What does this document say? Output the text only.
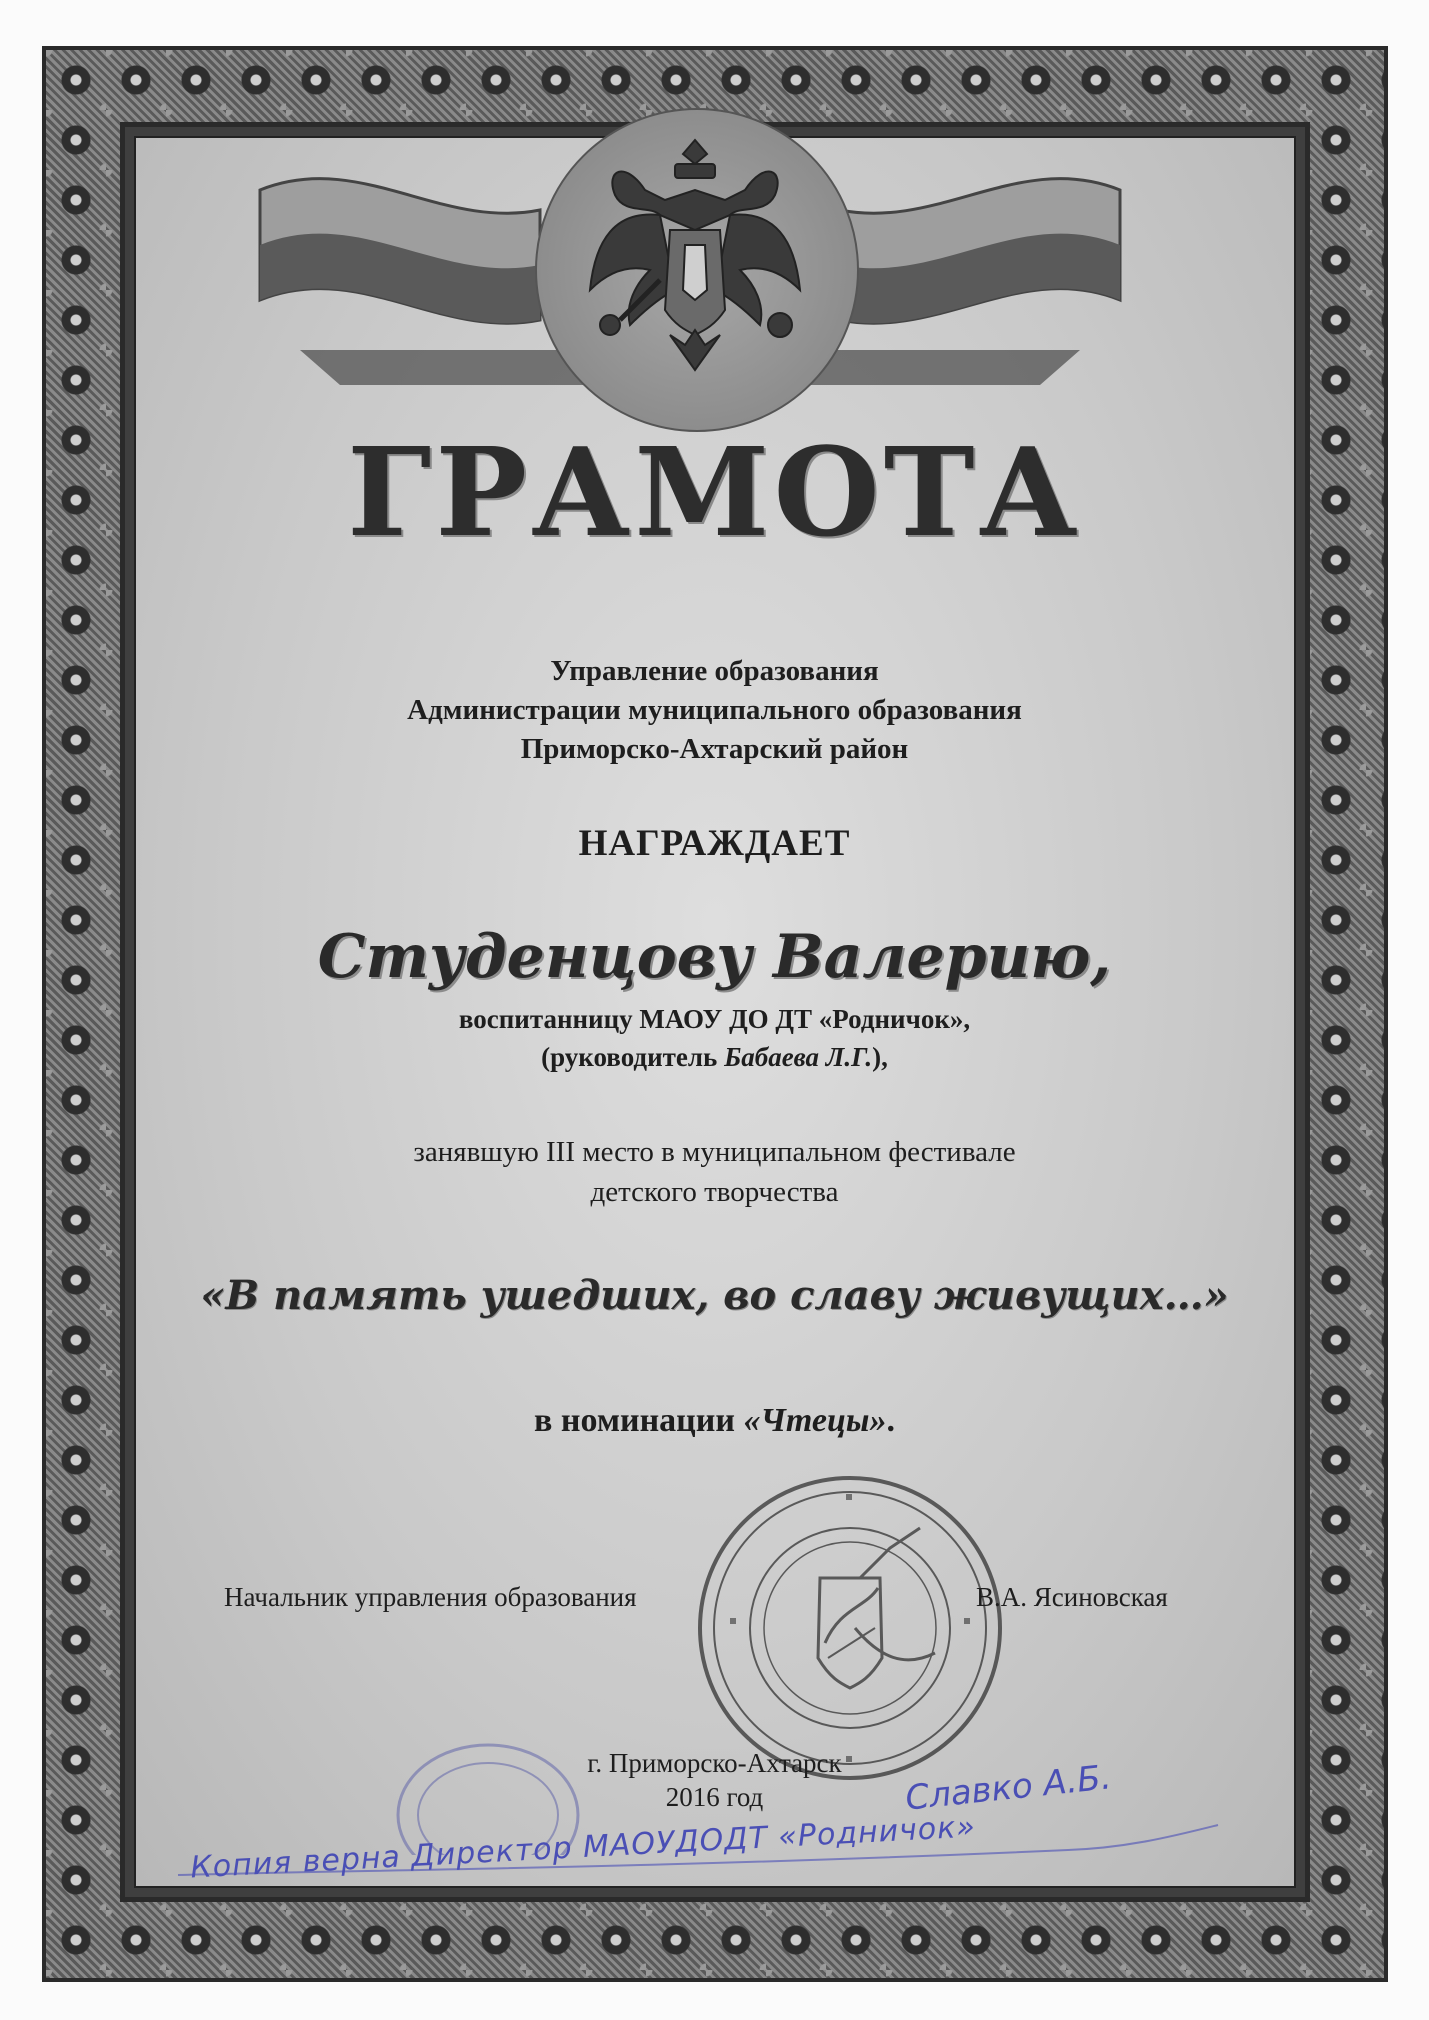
ГРАМОТА
Управление образования
Администрации муниципального образования
Приморско-Ахтарский район
НАГРАЖДАЕТ
Студенцову Валерию,
воспитанницу МАОУ ДО ДТ «Родничок»,
(руководитель Бабаева Л.Г.),
занявшую III место в муниципальном фестивале
детского творчества
«В память ушедших, во славу живущих…»
в номинации «Чтецы».
Начальник управления образования	В.А. Ясиновская
г. Приморско-Ахтарск
2016 год
Копия верна Директор МАОУДОДТ «Родничок»
Славко А.Б.
